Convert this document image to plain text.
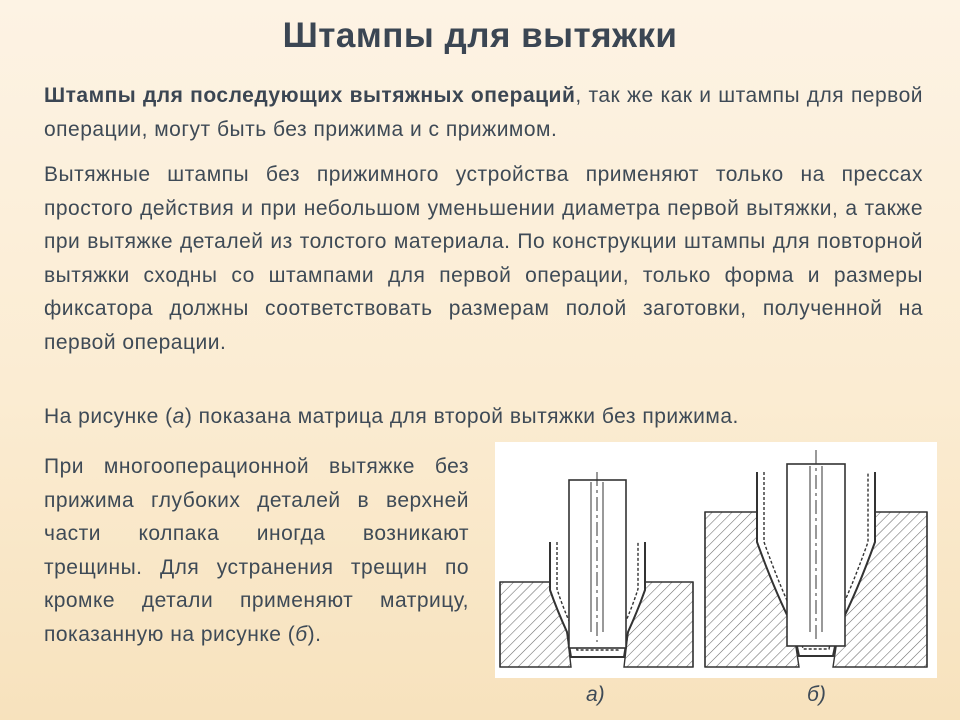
Штампы для вытяжки

Штампы для последующих вытяжных операций, так же как и штампы для первой операции, могут быть без прижима и с прижимом.

Вытяжные штампы без прижимного устройства применяют только на прессах простого действия и при небольшом уменьшении диаметра первой вытяжки, а также при вытяжке деталей из толстого материала. По конструкции штампы для повторной вытяжки сходны со штампами для первой операции, только форма и размеры фиксатора должны соответствовать размерам полой заготовки, полученной на первой операции.

На рисунке (а) показана матрица для второй вытяжки без прижима.

При многооперационной вытяжке без прижима глубоких деталей в верхней части колпака иногда возникают трещины. Для устранения трещин по кромке детали применяют матрицу, показанную на рисунке (б).

а)	б)
